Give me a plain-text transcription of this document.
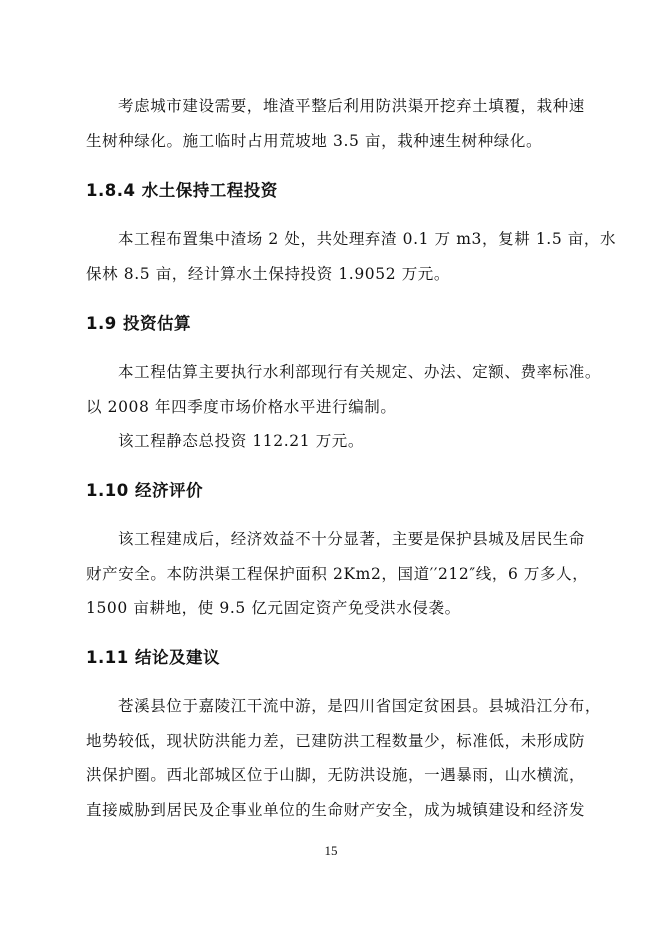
考虑城市建设需要，堆渣平整后利用防洪渠开挖弃土填覆，栽种速
生树种绿化。施工临时占用荒坡地 3.5 亩，栽种速生树种绿化。
1.8.4 水土保持工程投资
本工程布置集中渣场 2 处，共处理弃渣 0.1 万 m3，复耕 1.5 亩，水
保林 8.5 亩，经计算水土保持投资 1.9052 万元。
1.9 投资估算
本工程估算主要执行水利部现行有关规定、办法、定额、费率标准。
以 2008 年四季度市场价格水平进行编制。
该工程静态总投资 112.21 万元。
1.10 经济评价
该工程建成后，经济效益不十分显著，主要是保护县城及居民生命
财产安全。本防洪渠工程保护面积 2Km2，国道′′212″线，6 万多人，
1500 亩耕地，使 9.5 亿元固定资产免受洪水侵袭。
1.11 结论及建议
苍溪县位于嘉陵江干流中游，是四川省国定贫困县。县城沿江分布，
地势较低，现状防洪能力差，已建防洪工程数量少，标准低，未形成防
洪保护圈。西北部城区位于山脚，无防洪设施，一遇暴雨，山水横流，
直接威胁到居民及企事业单位的生命财产安全，成为城镇建设和经济发
15
